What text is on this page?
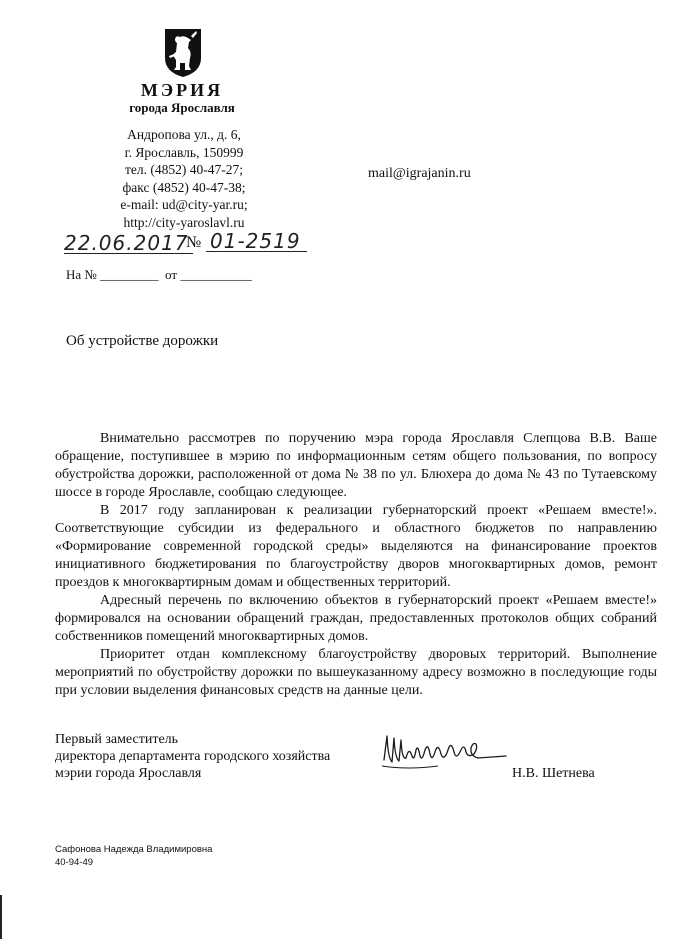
МЭРИЯ
города Ярославля
Андропова ул., д. 6,
г. Ярославль, 150999
тел. (4852) 40-47-27;
факс (4852) 40-47-38;
e-mail: ud@city-yar.ru;
http://city-yaroslavl.ru
mail@igrajanin.ru
22.06.2017
№ 01-2519
На № _________  от ___________
Об устройстве дорожки

Внимательно рассмотрев по поручению мэра города Ярославля Слепцова В.В. Ваше обращение, поступившее в мэрию по информационным сетям общего пользования, по вопросу обустройства дорожки, расположенной от дома № 38 по ул. Блюхера до дома № 43 по Тутаевскому шоссе в городе Ярославле, сообщаю следующее.

В 2017 году запланирован к реализации губернаторский проект «Решаем вместе!». Соответствующие субсидии из федерального и областного бюджетов по направлению «Формирование современной городской среды» выделяются на финансирование проектов инициативного бюджетирования по благоустройству дворов многоквартирных домов, ремонт проездов к многоквартирным домам и общественных территорий.

Адресный перечень по включению объектов в губернаторский проект «Решаем вместе!» формировался на основании обращений граждан, предоставленных протоколов общих собраний собственников помещений многоквартирных домов.

Приоритет отдан комплексному благоустройству дворовых территорий. Выполнение мероприятий по обустройству дорожки по вышеуказанному адресу возможно в последующие годы при условии выделения финансовых средств на данные цели.

Первый заместитель
директора департамента городского хозяйства
мэрии города Ярославля	Н.В. Шетнева
Сафонова Надежда Владимировна
40-94-49
